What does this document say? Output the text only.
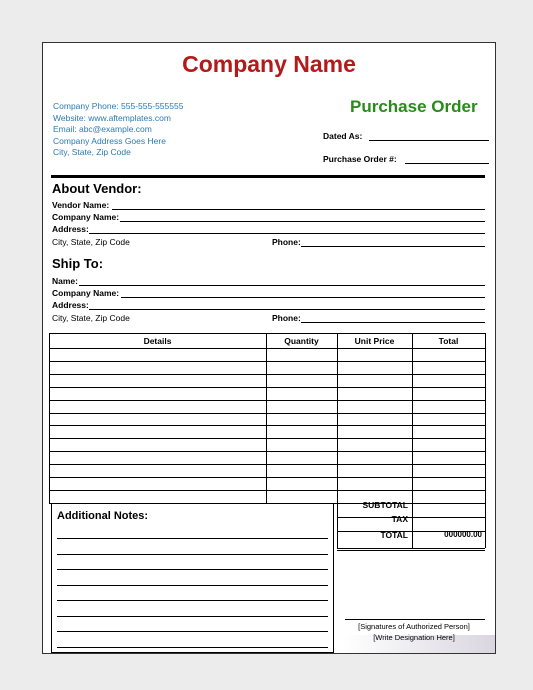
Company Name
Company Phone: 555-555-555555
Website: www.aftemplates.com
Email: abc@example.com
Company Address Goes Here
City, State, Zip Code
Purchase Order
Dated As:
Purchase Order #:
About Vendor:
Vendor Name:
Company Name:
Address:
City, State, Zip Code	Phone:
Ship To:
Name:
Company Name:
Address:
City, State, Zip Code	Phone:
Details	Quantity	Unit Price	Total
SUBTOTAL
TAX
TOTAL	000000.00
Additional Notes:
[Signatures of Authorized Person]
[Write Designation Here]
